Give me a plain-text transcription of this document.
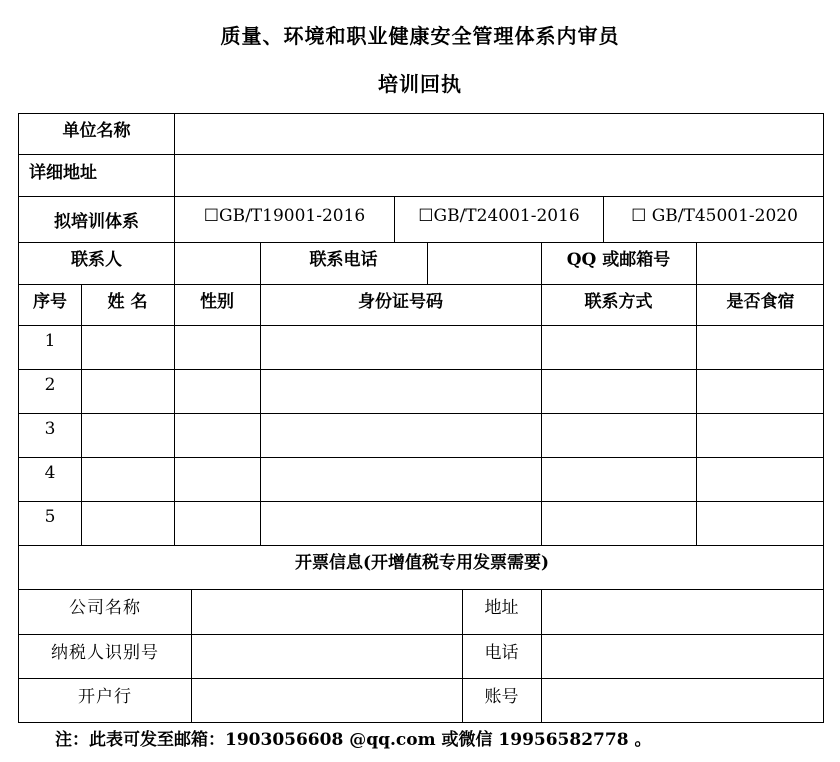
质量、环境和职业健康安全管理体系内审员
培训回执
单位名称
详细地址
拟培训体系	☐GB/T19001-2016	☐GB/T24001-2016	☐ GB/T45001-2020
联系人	联系电话	QQ 或邮箱号
序号	姓 名	性别	身份证号码	联系方式	是否食宿
1
2
3
4
5
开票信息(开增值税专用发票需要)
公司名称	地址
纳税人识别号	电话
开户行	账号
注：此表可发至邮箱：1903056608 @qq.com 或微信 19956582778 。
